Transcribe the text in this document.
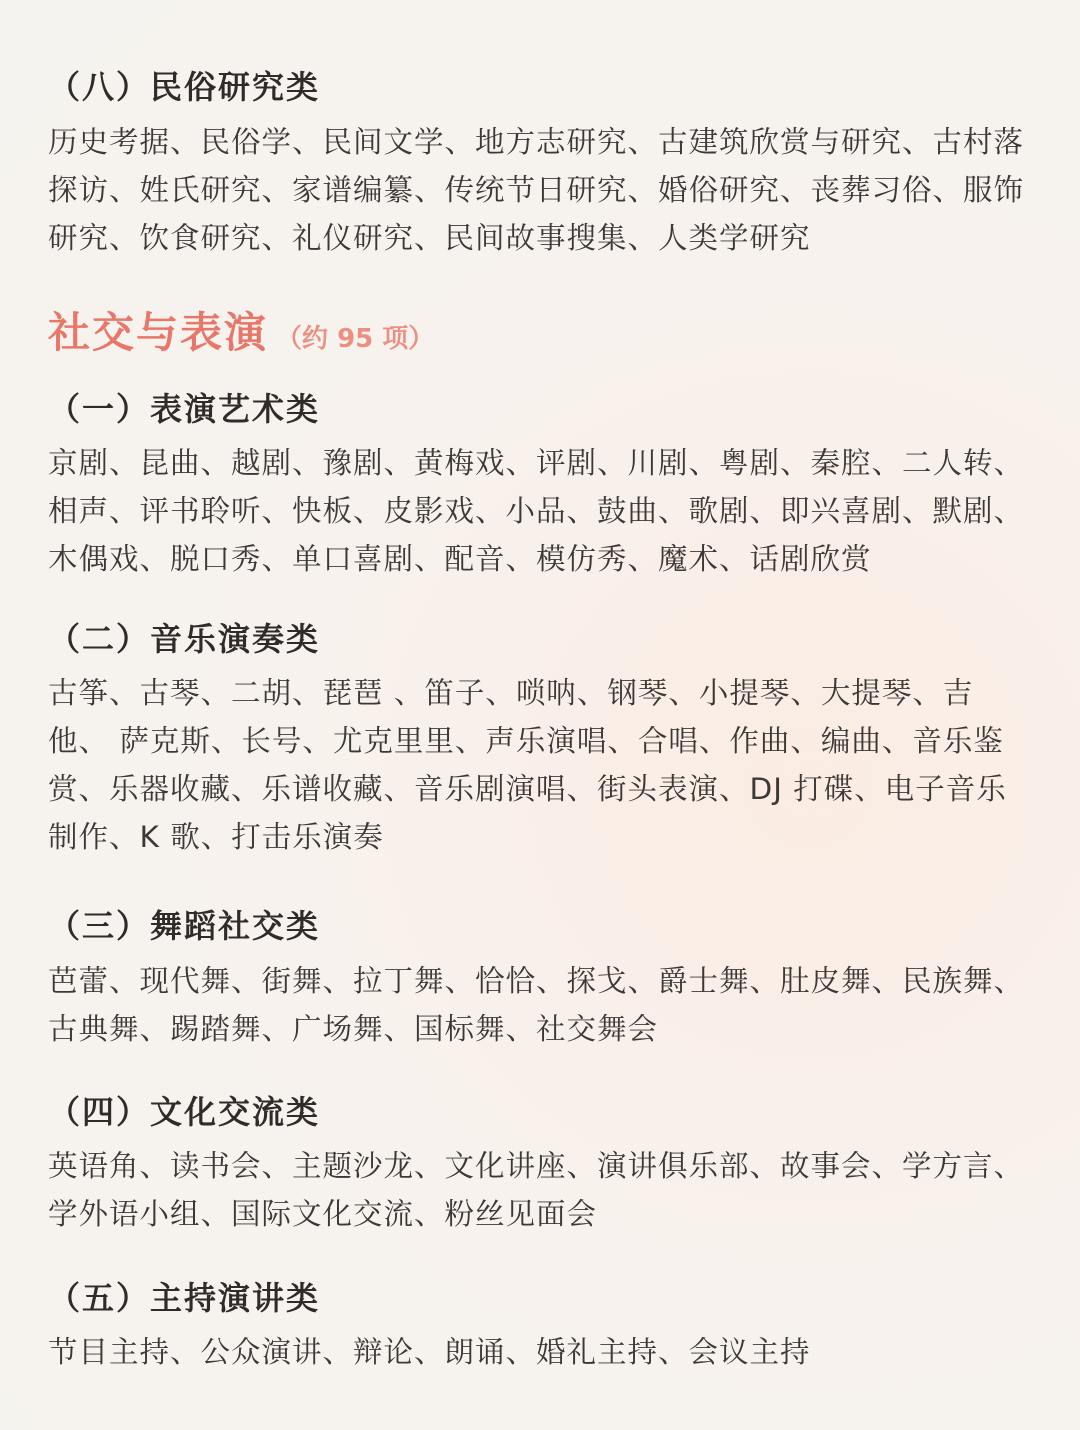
（八）民俗研究类
历史考据、民俗学、民间文学、地方志研究、古建筑欣赏与研究、古村落探访、姓氏研究、家谱编纂、传统节日研究、婚俗研究、丧葬习俗、服饰研究、饮食研究、礼仪研究、民间故事搜集、人类学研究
社交与表演 （约 95 项）
（一）表演艺术类
京剧、昆曲、越剧、豫剧、黄梅戏、评剧、川剧、粤剧、秦腔、二人转、相声、评书聆听、快板、皮影戏、小品、鼓曲、歌剧、即兴喜剧、默剧、木偶戏、脱口秀、单口喜剧、配音、模仿秀、魔术、话剧欣赏
（二）音乐演奏类
古筝、古琴、二胡、琵琶 、笛子、唢呐、钢琴、小提琴、大提琴、吉他、 萨克斯、长号、尤克里里、声乐演唱、合唱、作曲、编曲、音乐鉴赏、乐器收藏、乐谱收藏、音乐剧演唱、街头表演、DJ 打碟、电子音乐制作、K 歌、打击乐演奏
（三）舞蹈社交类
芭蕾、现代舞、街舞、拉丁舞、恰恰、探戈、爵士舞、肚皮舞、民族舞、古典舞、踢踏舞、广场舞、国标舞、社交舞会
（四）文化交流类
英语角、读书会、主题沙龙、文化讲座、演讲俱乐部、故事会、学方言、学外语小组、国际文化交流、粉丝见面会
（五）主持演讲类
节目主持、公众演讲、辩论、朗诵、婚礼主持、会议主持
